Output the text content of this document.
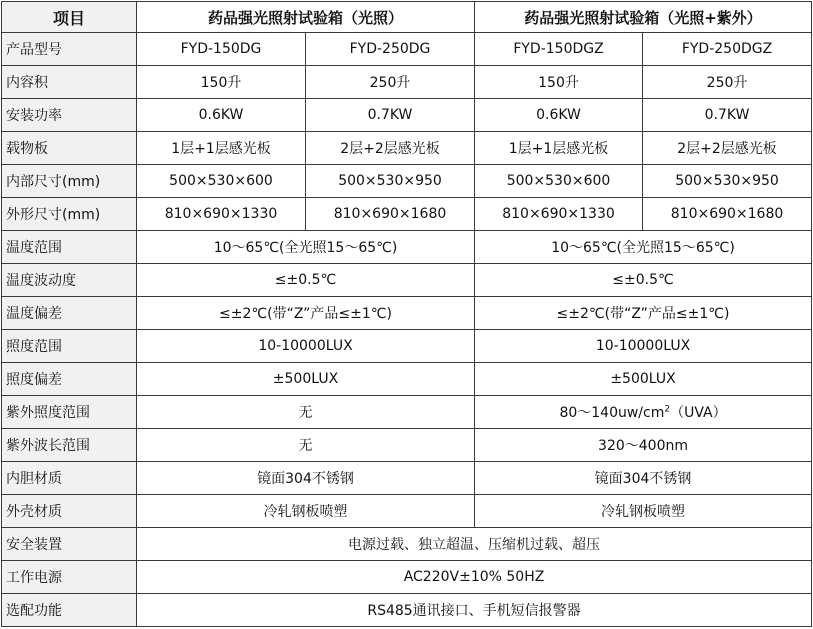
项目	药品强光照射试验箱（光照）		药品强光照射试验箱（光照+紫外）	
产品型号	FYD-150DG	FYD-250DG	FYD-150DGZ	FYD-250DGZ
内容积	150升	250升	150升	250升
安装功率	0.6KW	0.7KW	0.6KW	0.7KW
载物板	1层+1层感光板	2层+2层感光板	1层+1层感光板	2层+2层感光板
内部尺寸(mm)	500×530×600	500×530×950	500×530×600	500×530×950
外形尺寸(mm)	810×690×1330	810×690×1680	810×690×1330	810×690×1680
温度范围	10～65℃(全光照15～65℃)		10～65℃(全光照15～65℃)	
温度波动度	≤±0.5℃		≤±0.5℃	
温度偏差	≤±2℃(带“Z”产品≤±1℃)		≤±2℃(带“Z”产品≤±1℃)	
照度范围	10-10000LUX		10-10000LUX	
照度偏差	±500LUX		±500LUX	
紫外照度范围	无		$80\sim 140uw/cm^2(UVA)$	
紫外波长范围	无		320～400nm	
内胆材质	镜面304不锈钢		镜面304不锈钢	
外壳材质	冷轧钢板喷塑		冷轧钢板喷塑	
安全装置	电源过载、独立超温、压缩机过载、超压			
工作电源	AC220V±10% 50HZ			
选配功能	RS485通讯接口、手机短信报警器			
